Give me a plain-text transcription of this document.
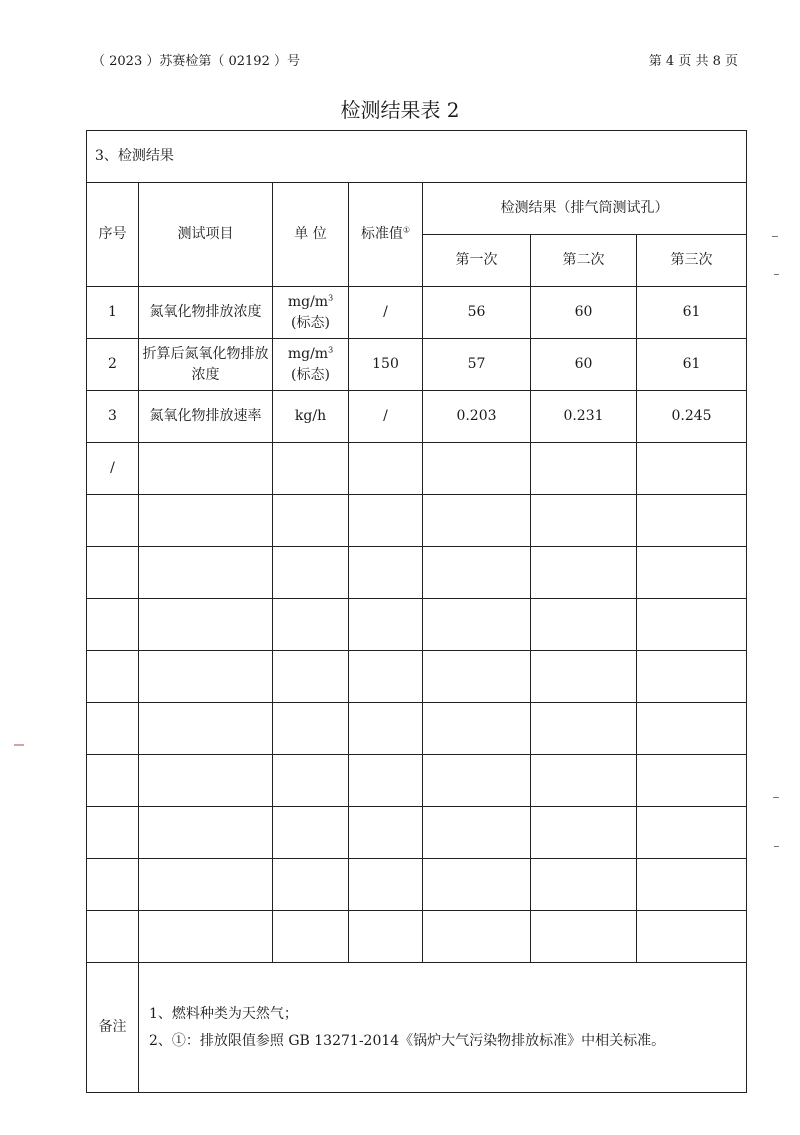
（ 2023 ）苏赛检第（ 02192 ）号	第 4 页 共 8 页
检测结果表 2
3、检测结果						
序号	测试项目	单 位	标准值①	检测结果（排气筒测试孔）		
				第一次	第二次	第三次
1	氮氧化物排放浓度	$mg/m^3$
(标态)	/	56	60	61
2	折算后氮氧化物排放浓度	$mg/m^3$
(标态)	150	57	60	61
3	氮氧化物排放速率	kg/h	/	0.203	0.231	0.245
/						

备注	1、燃料种类为天然气；
2、①：排放限值参照 GB 13271-2014《锅炉大气污染物排放标准》中相关标准。					
